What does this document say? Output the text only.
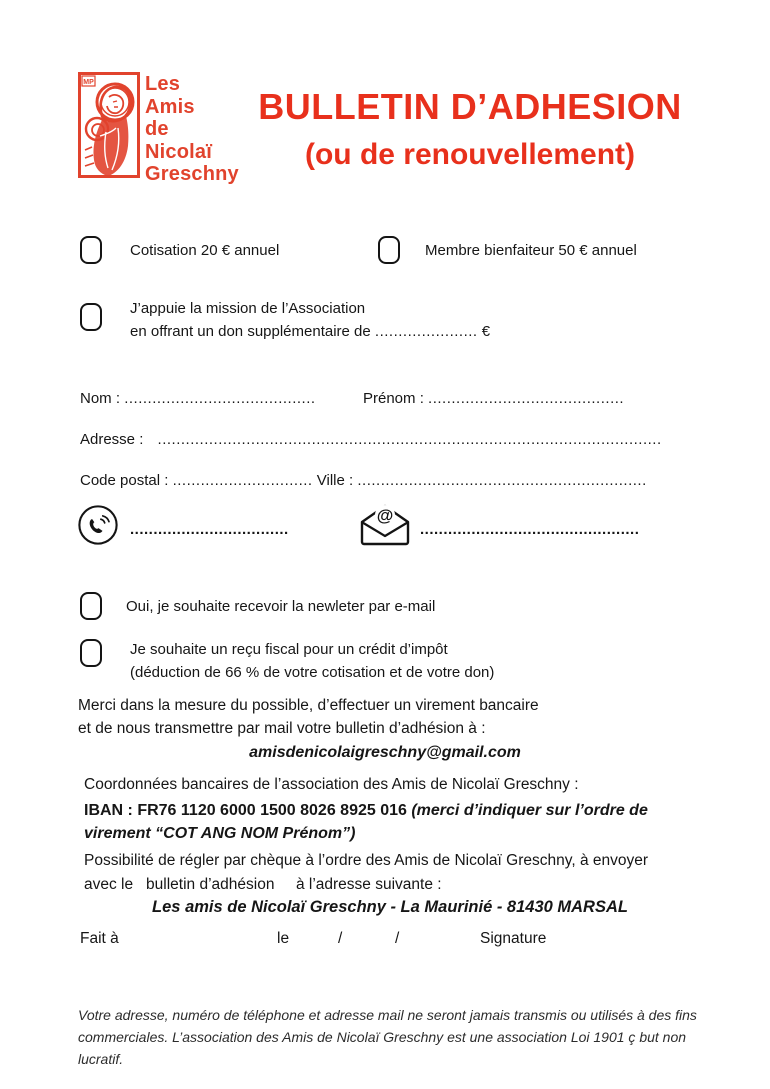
MP	Les
Amis
de
Nicolaï
Greschny
BULLETIN D’ADHESION
(ou de renouvellement)
Cotisation 20 € annuel	Membre bienfaiteur 50 € annuel
J’appuie la mission de l’Association
en offrant un don supplémentaire de ...................... €
Nom : .........................................	Prénom : ..........................................
Adresse : ............................................................................................................
Code postal : .............................. Ville : ..............................................................
..................................
@
...............................................
Oui, je souhaite recevoir la newleter par e-mail
Je souhaite un reçu fiscal pour un crédit d’impôt
(déduction de 66 % de votre cotisation et de votre don)
Merci dans la mesure du possible, d’effectuer un virement bancaire
et de nous transmettre par mail votre bulletin d’adhésion à :
amisdenicolaigreschny@gmail.com
Coordonnées bancaires de l’association des Amis de Nicolaï Greschny :
IBAN : FR76 1120 6000 1500 8026 8925 016 (merci d’indiquer sur l’ordre de virement “COT ANG NOM Prénom”)
Possibilité de régler par chèque à l’ordre des Amis de Nicolaï Greschny, à envoyer
avec le   bulletin d’adhésion     à l’adresse suivante :
Les amis de Nicolaï Greschny - La Maurinié - 81430 MARSAL
Fait à	le	/	/	Signature
Votre adresse, numéro de téléphone et adresse mail ne seront jamais transmis ou utilisés à des fins
commerciales. L’association des Amis de Nicolaï Greschny est une association Loi 1901 ç but non lucratif.
